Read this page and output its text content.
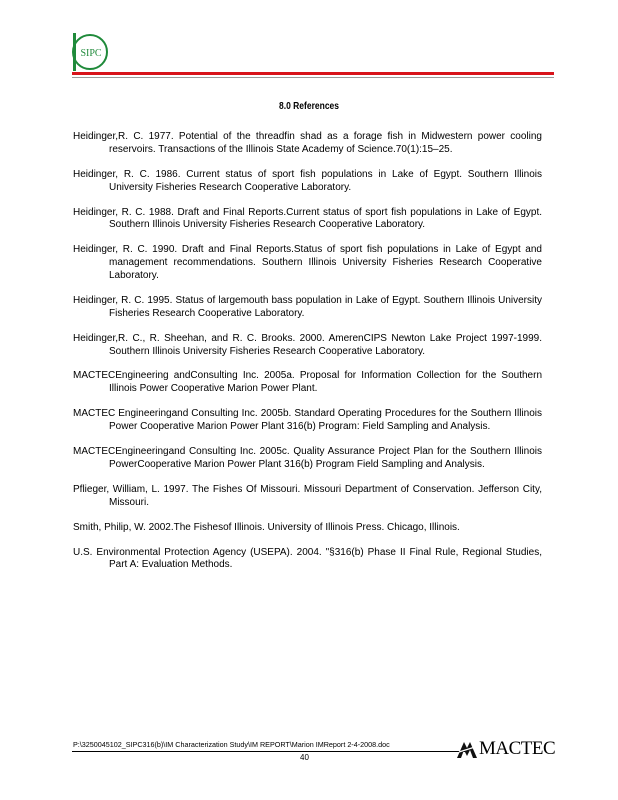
SIPC
8.0 References

Heidinger,R. C. 1977. Potential of the threadfin shad as a forage fish in Midwestern power cooling reservoirs. Transactions of the Illinois State Academy of Science.70(1):15–25.

Heidinger, R. C. 1986. Current status of sport fish populations in Lake of Egypt. Southern Illinois University Fisheries Research Cooperative Laboratory.

Heidinger, R. C. 1988. Draft and Final Reports.Current status of sport fish populations in Lake of Egypt. Southern Illinois University Fisheries Research Cooperative Laboratory.

Heidinger, R. C. 1990. Draft and Final Reports.Status of sport fish populations in Lake of Egypt and management recommendations. Southern Illinois University Fisheries Research Cooperative Laboratory.

Heidinger, R. C. 1995. Status of largemouth bass population in Lake of Egypt. Southern Illinois University Fisheries Research Cooperative Laboratory.

Heidinger,R. C., R. Sheehan, and R. C. Brooks. 2000. AmerenCIPS Newton Lake Project 1997-1999. Southern Illinois University Fisheries Research Cooperative Laboratory.

MACTECEngineering andConsulting Inc. 2005a. Proposal for Information Collection for the Southern Illinois Power Cooperative Marion Power Plant.

MACTEC Engineeringand Consulting Inc. 2005b. Standard Operating Procedures for the Southern Illinois Power Cooperative Marion Power Plant 316(b) Program: Field Sampling and Analysis.

MACTECEngineeringand Consulting Inc. 2005c. Quality Assurance Project Plan for the Southern Illinois PowerCooperative Marion Power Plant 316(b) Program Field Sampling and Analysis.

Pflieger, William, L. 1997. The Fishes Of Missouri. Missouri Department of Conservation. Jefferson City, Missouri.

Smith, Philip, W. 2002.The Fishesof Illinois. University of Illinois Press. Chicago, Illinois.

U.S. Environmental Protection Agency (USEPA). 2004. "§316(b) Phase II Final Rule, Regional Studies, Part A: Evaluation Methods.

P:\3250045102_SIPC316(b)\IM Characterization Study\IM REPORT\Marion IMReport 2-4-2008.doc
40	MACTEC
